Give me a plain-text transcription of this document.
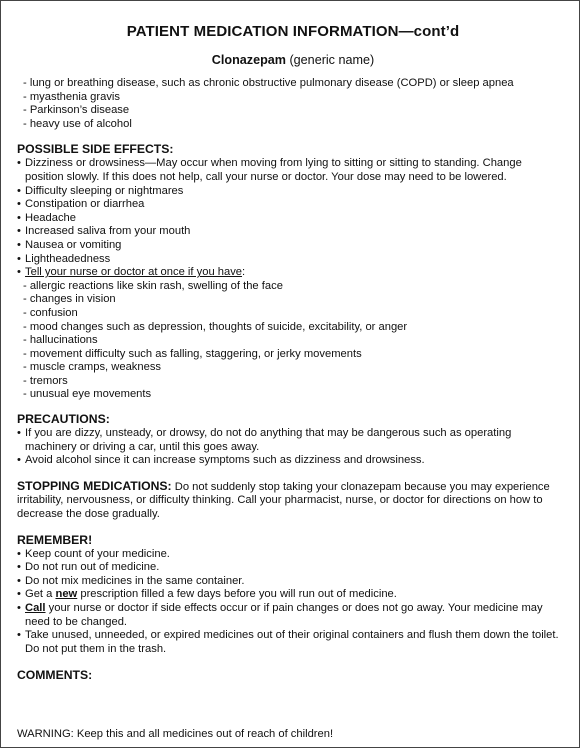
PATIENT MEDICATION INFORMATION—cont’d
Clonazepam (generic name)
- lung or breathing disease, such as chronic obstructive pulmonary disease (COPD) or sleep apnea
- myasthenia gravis
- Parkinson’s disease
- heavy use of alcohol
POSSIBLE SIDE EFFECTS:
• Dizziness or drowsiness—May occur when moving from lying to sitting or sitting to standing. Change
position slowly. If this does not help, call your nurse or doctor. Your dose may need to be lowered.
• Difficulty sleeping or nightmares
• Constipation or diarrhea
• Headache
• Increased saliva from your mouth
• Nausea or vomiting
• Lightheadedness
• Tell your nurse or doctor at once if you have:
- allergic reactions like skin rash, swelling of the face
- changes in vision
- confusion
- mood changes such as depression, thoughts of suicide, excitability, or anger
- hallucinations
- movement difficulty such as falling, staggering, or jerky movements
- muscle cramps, weakness
- tremors
- unusual eye movements
PRECAUTIONS:
• If you are dizzy, unsteady, or drowsy, do not do anything that may be dangerous such as operating
machinery or driving a car, until this goes away.
• Avoid alcohol since it can increase symptoms such as dizziness and drowsiness.
STOPPING MEDICATIONS: Do not suddenly stop taking your clonazepam because you may experience
irritability, nervousness, or difficulty thinking. Call your pharmacist, nurse, or doctor for directions on how to
decrease the dose gradually.
REMEMBER!
• Keep count of your medicine.
• Do not run out of medicine.
• Do not mix medicines in the same container.
• Get a new prescription filled a few days before you will run out of medicine.
• Call your nurse or doctor if side effects occur or if pain changes or does not go away. Your medicine may
need to be changed.
• Take unused, unneeded, or expired medicines out of their original containers and flush them down the toilet.
Do not put them in the trash.
COMMENTS:
WARNING: Keep this and all medicines out of reach of children!
